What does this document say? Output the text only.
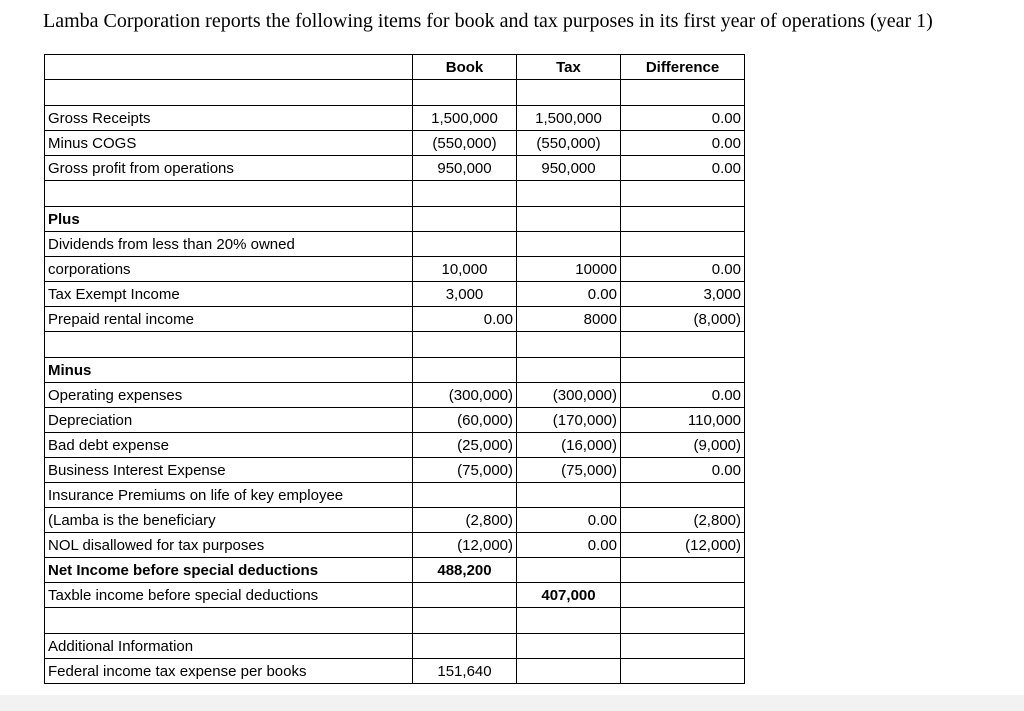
Lamba Corporation reports the following items for book and tax purposes in its first year of operations (year 1)
	Book	Tax	Difference

Gross Receipts	1,500,000	1,500,000	0.00
Minus COGS	(550,000)	(550,000)	0.00
Gross profit from operations	950,000	950,000	0.00

Plus			
Dividends from less than 20% owned			
corporations	10,000	10000	0.00
Tax Exempt Income	3,000	0.00	3,000
Prepaid rental income	0.00	8000	(8,000)

Minus			
Operating expenses	(300,000)	(300,000)	0.00
Depreciation	(60,000)	(170,000)	110,000
Bad debt expense	(25,000)	(16,000)	(9,000)
Business Interest Expense	(75,000)	(75,000)	0.00
Insurance Premiums on life of key employee			
(Lamba is the beneficiary	(2,800)	0.00	(2,800)
NOL disallowed for tax purposes	(12,000)	0.00	(12,000)
Net Income before special deductions	488,200		
Taxble income before special deductions		407,000	

Additional Information			
Federal income tax expense per books	151,640		
